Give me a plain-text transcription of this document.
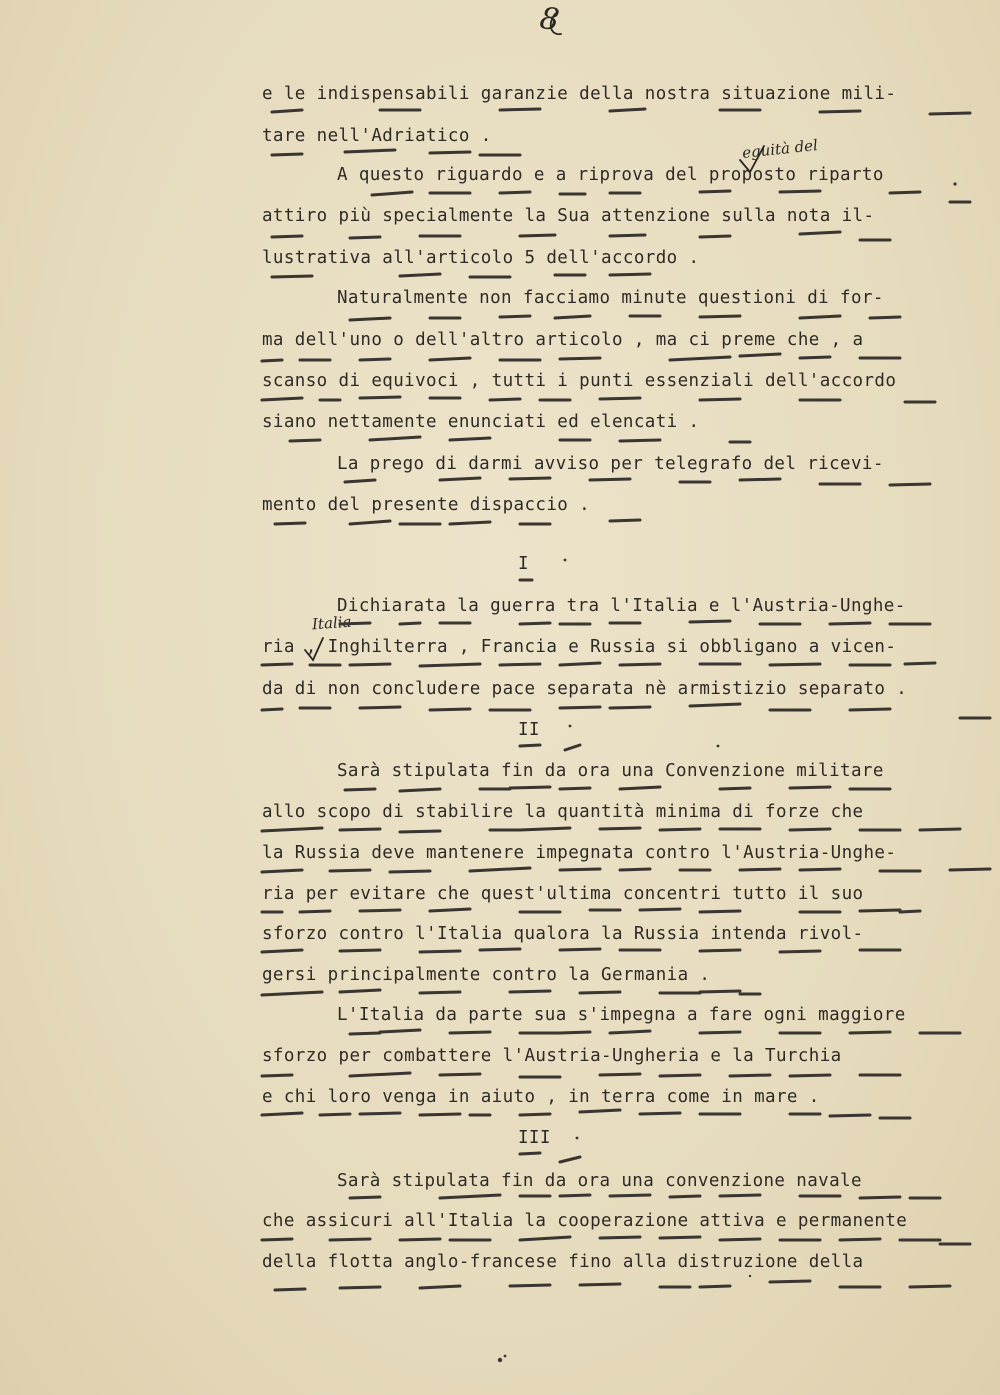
8
eguità del
Italia
e le indispensabili garanzie della nostra situazione mili-
tare nell'Adriatico .
A questo riguardo e a riprova del proposto riparto
attiro più specialmente la Sua attenzione sulla nota il-
lustrativa all'articolo 5 dell'accordo .
Naturalmente non facciamo minute questioni di for-
ma dell'uno o dell'altro articolo , ma ci preme che , a
scanso di equivoci , tutti i punti essenziali dell'accordo
siano nettamente enunciati ed elencati .
La prego di darmi avviso per telegrafo del ricevi-
mento del presente dispaccio .
I
Dichiarata la guerra tra l'Italia e l'Austria-Unghe-
ria , Inghilterra , Francia e Russia si obbligano a vicen-
da di non concludere pace separata nè armistizio separato .
II
Sarà stipulata fin da ora una Convenzione militare
allo scopo di stabilire la quantità minima di forze che
la Russia deve mantenere impegnata contro l'Austria-Unghe-
ria per evitare che quest'ultima concentri tutto il suo
sforzo contro l'Italia qualora la Russia intenda rivol-
gersi principalmente contro la Germania .
L'Italia da parte sua s'impegna a fare ogni maggiore
sforzo per combattere l'Austria-Ungheria e la Turchia
e chi loro venga in aiuto , in terra come in mare .
III
Sarà stipulata fin da ora una convenzione navale
che assicuri all'Italia la cooperazione attiva e permanente
della flotta anglo-francese fino alla distruzione della
